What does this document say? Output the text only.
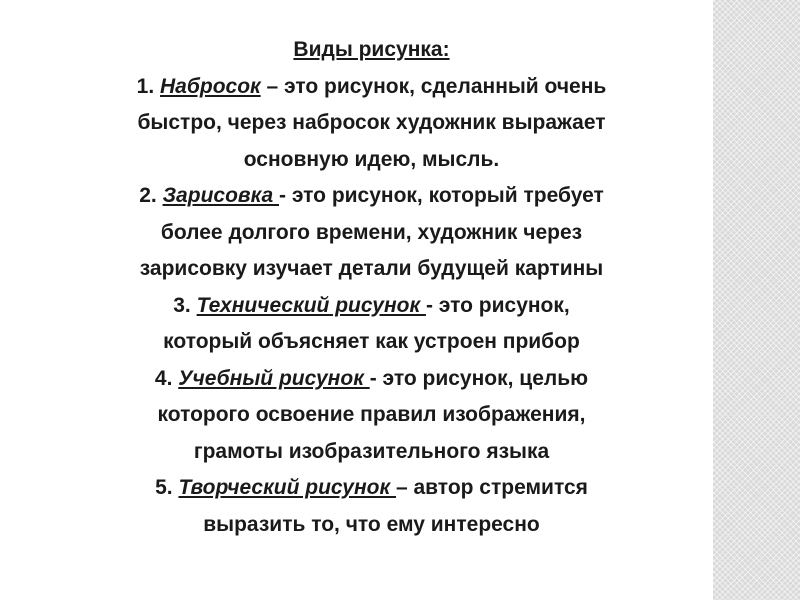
Виды рисунка:
1. Набросок – это рисунок, сделанный очень
быстро, через набросок художник выражает
основную идею, мысль.
2. Зарисовка - это рисунок, который требует
более долгого времени, художник через
зарисовку изучает детали будущей картины
3. Технический рисунок - это рисунок,
который объясняет как устроен прибор
4. Учебный рисунок - это рисунок, целью
которого освоение правил изображения,
грамоты изобразительного языка
5. Творческий рисунок – автор стремится
выразить то, что ему интересно
